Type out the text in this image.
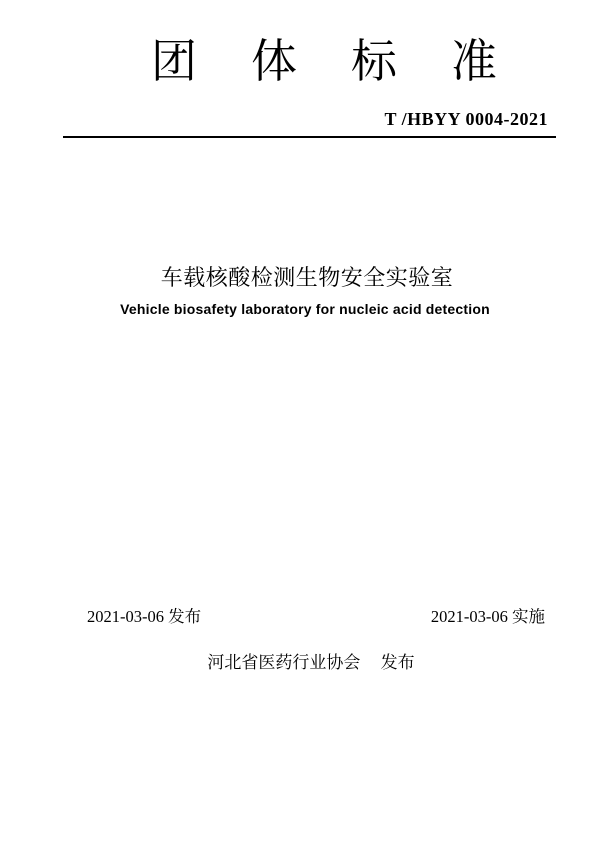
团体标准
T /HBYY 0004-2021
车载核酸检测生物安全实验室
Vehicle biosafety laboratory for nucleic acid detection
2021-03-06 发布	2021-03-06 实施
河北省医药行业协会 发布
